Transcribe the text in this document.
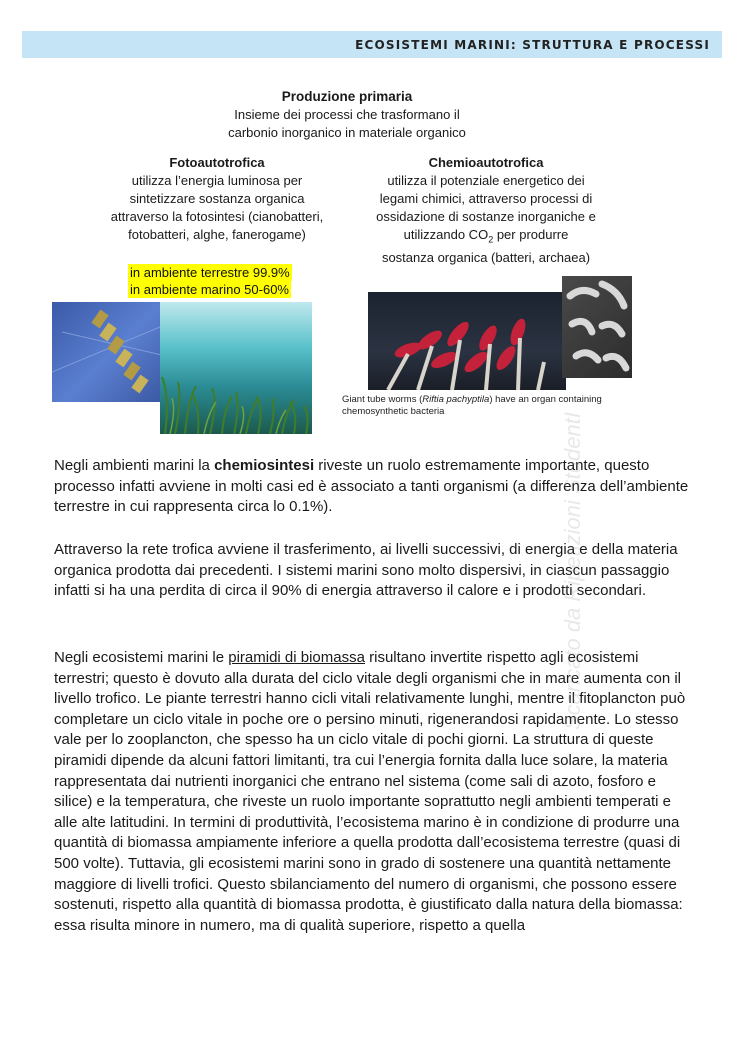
ECOSISTEMI MARINI: STRUTTURA E PROCESSI
Produzione primaria
Insieme dei processi che trasformano il
carbonio inorganico in materiale organico
Fotoautotrofica
utilizza l’energia luminosa per
sintetizzare sostanza organica
attraverso la fotosintesi (cianobatteri,
fotobatteri, alghe, fanerogame)
in ambiente terrestre 99.9%
in ambiente marino 50-60%
Chemioautotrofica
utilizza il potenziale energetico dei
legami chimici, attraverso processi di
ossidazione di sostanze inorganiche e
utilizzando $CO_2$ per produrre
sostanza organica (batteri, archaea)
Giant tube worms (Riftia pachyptila) have an organ containing chemosynthetic bacteria
Negli ambienti marini la chemiosintesi riveste un ruolo estremamente importante, questo processo infatti avviene in molti casi ed è associato a tanti organismi (a differenza dell’ambiente terrestre in cui rappresenta circa lo 0.1%).
Attraverso la rete trofica avviene il trasferimento, ai livelli successivi, di energia e della materia organica prodotta dai precedenti. I sistemi marini sono molto dispersivi, in ciascun passaggio infatti si ha una perdita di circa il 90% di energia attraverso il calore e i prodotti secondari.
Negli ecosistemi marini le piramidi di biomassa risultano invertite rispetto agli ecosistemi terrestri; questo è dovuto alla durata del ciclo vitale degli organismi che in mare aumenta con il livello trofico. Le piante terrestri hanno cicli vitali relativamente lunghi, mentre il fitoplancton può completare un ciclo vitale in poche ore o persino minuti, rigenerandosi rapidamente. Lo stesso vale per lo zooplancton, che spesso ha un ciclo vitale di pochi giorni. La struttura di queste piramidi dipende da alcuni fattori limitanti, tra cui l’energia fornita dalla luce solare, la materia rappresentata dai nutrienti inorganici che entrano nel sistema (come sali di azoto, fosforo e silice) e la temperatura, che riveste un ruolo importante soprattutto negli ambienti temperati e alle alte latitudini. In termini di produttività, l’ecosistema marino è in condizione di produrre una quantità di biomassa ampiamente inferiore a quella prodotta dall’ecosistema terrestre (quasi di 500 volte). Tuttavia, gli ecosistemi marini sono in grado di sostenere una quantità nettamente maggiore di livelli trofici. Questo sbilanciamento del numero di organismi, che possono essere sostenuti, rispetto alla quantità di biomassa prodotta, è giustificato dalla natura della biomassa: essa risulta minore in numero, ma di qualità superiore, rispetto a quella
Scaricato da Ripetizioni StudentI
